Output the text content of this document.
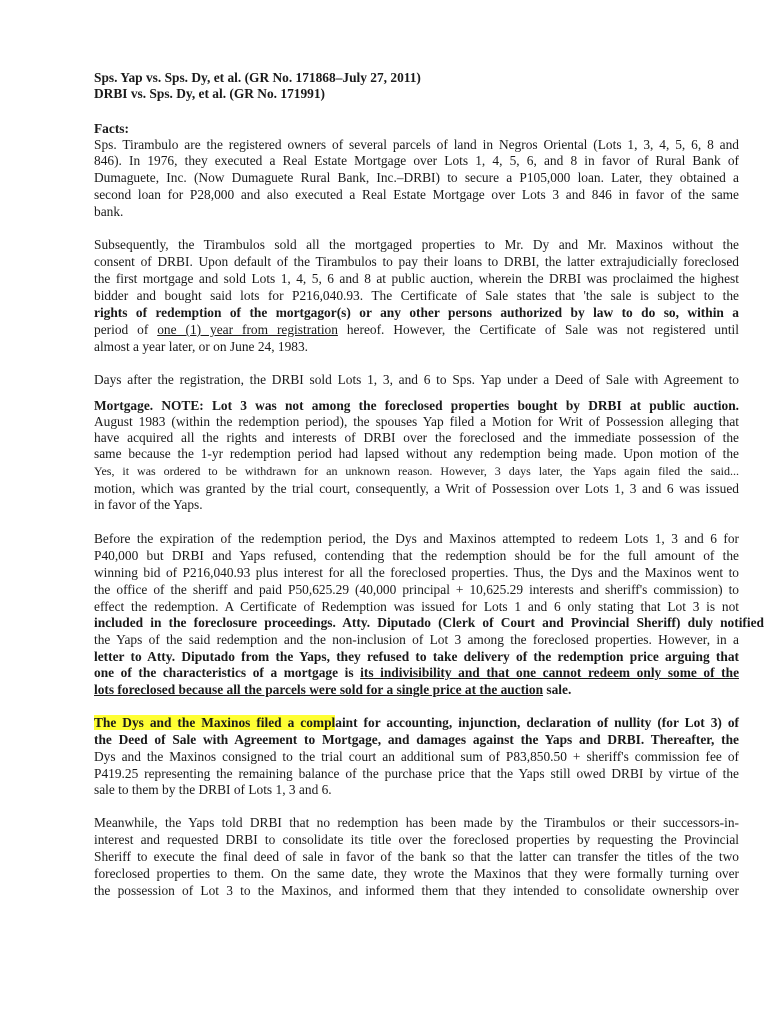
Sps. Yap vs. Sps. Dy, et al. (GR No. 171868–July 27, 2011)
DRBI vs. Sps. Dy, et al. (GR No. 171991)
Facts:
Sps. Tirambulo are the registered owners of several parcels of land in Negros Oriental (Lots 1, 3, 4, 5, 6, 8 and
846). In 1976, they executed a Real Estate Mortgage over Lots 1, 4, 5, 6, and 8 in favor of Rural Bank of
Dumaguete, Inc. (Now Dumaguete Rural Bank, Inc.–DRBI) to secure a P105,000 loan. Later, they obtained a
second loan for P28,000 and also executed a Real Estate Mortgage over Lots 3 and 846 in favor of the same
bank.
Subsequently, the Tirambulos sold all the mortgaged properties to Mr. Dy and Mr. Maxinos without the
consent of DRBI. Upon default of the Tirambulos to pay their loans to DRBI, the latter extrajudicially foreclosed
the first mortgage and sold Lots 1, 4, 5, 6 and 8 at public auction, wherein the DRBI was proclaimed the highest
bidder and bought said lots for P216,040.93. The Certificate of Sale states that 'the sale is subject to the
rights of redemption of the mortgagor(s) or any other persons authorized by law to do so, within a
period of one (1) year from registration hereof. However, the Certificate of Sale was not registered until
almost a year later, or on June 24, 1983.
Days after the registration, the DRBI sold Lots 1, 3, and 6 to Sps. Yap under a Deed of Sale with Agreement to
Mortgage. NOTE: Lot 3 was not among the foreclosed properties bought by DRBI at public auction.
August 1983 (within the redemption period), the spouses Yap filed a Motion for Writ of Possession alleging that
have acquired all the rights and interests of DRBI over the foreclosed and the immediate possession of the
same because the 1-yr redemption period had lapsed without any redemption being made. Upon motion of the
Yes, it was ordered to be withdrawn for an unknown reason. However, 3 days later, the Yaps again filed the said...
motion, which was granted by the trial court, consequently, a Writ of Possession over Lots 1, 3 and 6 was issued
in favor of the Yaps.
Before the expiration of the redemption period, the Dys and Maxinos attempted to redeem Lots 1, 3 and 6 for
P40,000 but DRBI and Yaps refused, contending that the redemption should be for the full amount of the
winning bid of P216,040.93 plus interest for all the foreclosed properties. Thus, the Dys and the Maxinos went to
the office of the sheriff and paid P50,625.29 (40,000 principal + 10,625.29 interests and sheriff's commission) to
effect the redemption. A Certificate of Redemption was issued for Lots 1 and 6 only stating that Lot 3 is not
included in the foreclosure proceedings. Atty. Diputado (Clerk of Court and Provincial Sheriff) duly notified
the Yaps of the said redemption and the non-inclusion of Lot 3 among the foreclosed properties. However, in a
letter to Atty. Diputado from the Yaps, they refused to take delivery of the redemption price arguing that
one of the characteristics of a mortgage is its indivisibility and that one cannot redeem only some of the
lots foreclosed because all the parcels were sold for a single price at the auction sale.
The Dys and the Maxinos filed a complaint for accounting, injunction, declaration of nullity (for Lot 3) of
the Deed of Sale with Agreement to Mortgage, and damages against the Yaps and DRBI. Thereafter, the
Dys and the Maxinos consigned to the trial court an additional sum of P83,850.50 + sheriff's commission fee of
P419.25 representing the remaining balance of the purchase price that the Yaps still owed DRBI by virtue of the
sale to them by the DRBI of Lots 1, 3 and 6.
Meanwhile, the Yaps told DRBI that no redemption has been made by the Tirambulos or their successors-in-
interest and requested DRBI to consolidate its title over the foreclosed properties by requesting the Provincial
Sheriff to execute the final deed of sale in favor of the bank so that the latter can transfer the titles of the two
foreclosed properties to them. On the same date, they wrote the Maxinos that they were formally turning over
the possession of Lot 3 to the Maxinos, and informed them that they intended to consolidate ownership over
